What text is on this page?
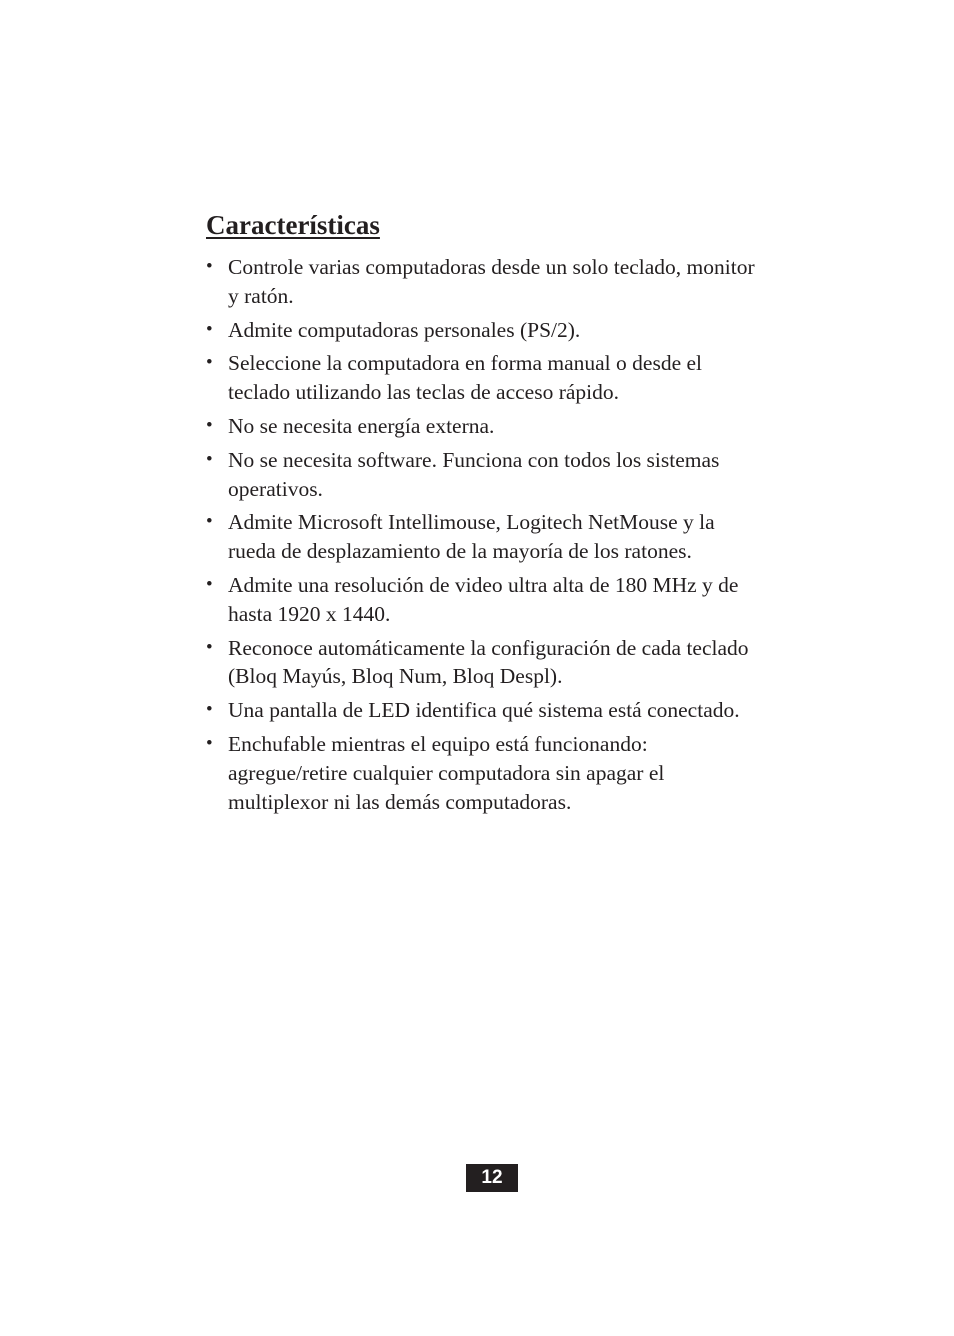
Características
• Controle varias computadoras desde un solo teclado, monitor y ratón.
• Admite computadoras personales (PS/2).
• Seleccione la computadora en forma manual o desde el teclado utilizando las teclas de acceso rápido.
• No se necesita energía externa.
• No se necesita software. Funciona con todos los sistemas operativos.
• Admite Microsoft Intellimouse, Logitech NetMouse y la rueda de desplazamiento de la mayoría de los ratones.
• Admite una resolución de video ultra alta de 180 MHz y de hasta 1920 x 1440.
• Reconoce automáticamente la configuración de cada teclado (Bloq Mayús, Bloq Num, Bloq Despl).
• Una pantalla de LED identifica qué sistema está conectado.
• Enchufable mientras el equipo está funcionando: agregue/retire cualquier computadora sin apagar el multiplexor ni las demás computadoras.
12
